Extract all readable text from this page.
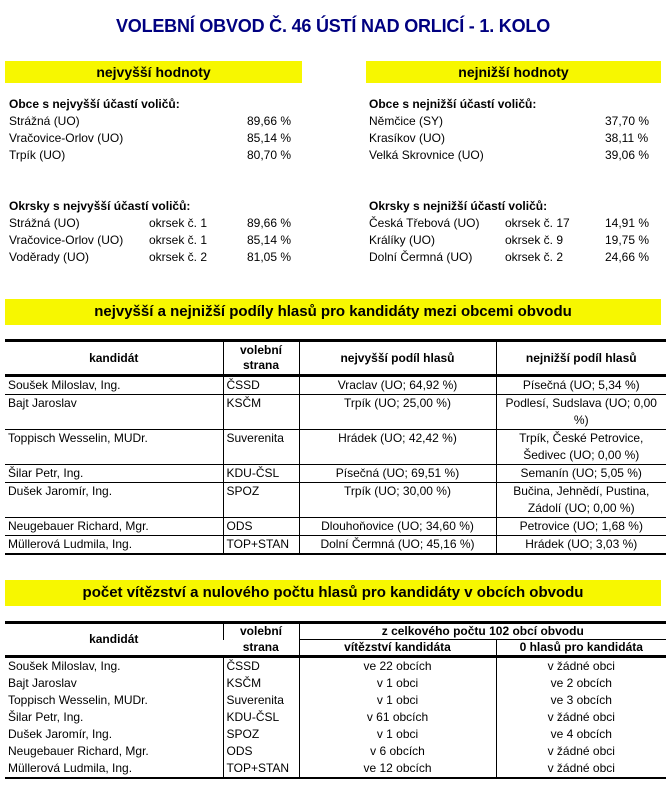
VOLEBNÍ OBVOD Č. 46 ÚSTÍ NAD ORLICÍ - 1. KOLO
nejvyšší hodnoty	nejnižší hodnoty
Obce s nejvyšší účastí voličů:
Strážná (UO)	89,66 %
Vračovice-Orlov (UO)	85,14 %
Trpík (UO)	80,70 %
Okrsky s nejvyšší účastí voličů:
Strážná (UO)	okrsek č. 1	89,66 %
Vračovice-Orlov (UO) okrsek č. 1	85,14 %
Voděrady (UO)	okrsek č. 2	81,05 %
Obce s nejnižší účastí voličů:
Němčice (SY)	37,70 %
Krasíkov (UO)	38,11 %
Velká Skrovnice (UO)	39,06 %
Okrsky s nejnižší účastí voličů:
Česká Třebová (UO) okrsek č. 17	14,91 %
Králíky (UO)	okrsek č. 9	19,75 %
Dolní Čermná (UO)	okrsek č. 2	24,66 %
nejvyšší a nejnižší podíly hlasů pro kandidáty mezi obcemi obvodu
kandidát	volební strana	nejvyšší podíl hlasů	nejnižší podíl hlasů
Soušek Miloslav, Ing.	ČSSD	Vraclav (UO; 64,92 %)	Písečná (UO; 5,34 %)
Bajt Jaroslav	KSČM	Trpík (UO; 25,00 %)	Podlesí, Sudslava (UO; 0,00 %)
Toppisch Wesselin, MUDr.	Suverenita	Hrádek (UO; 42,42 %)	Trpík, České Petrovice, Šedivec (UO; 0,00 %)
Šilar Petr, Ing.	KDU-ČSL	Písečná (UO; 69,51 %)	Semanín (UO; 5,05 %)
Dušek Jaromír, Ing.	SPOZ	Trpík (UO; 30,00 %)	Bučina, Jehnědí, Pustina, Zádolí (UO; 0,00 %)
Neugebauer Richard, Mgr.	ODS	Dlouhoňovice (UO; 34,60 %)	Petrovice (UO; 1,68 %)
Müllerová Ludmila, Ing.	TOP+STAN	Dolní Čermná (UO; 45,16 %)	Hrádek (UO; 3,03 %)
počet vítězství a nulového počtu hlasů pro kandidáty v obcích obvodu
kandidát	volební	z celkového počtu 102 obcí obvodu	
	strana	vítězství kandidáta	0 hlasů pro kandidáta
Soušek Miloslav, Ing.	ČSSD	ve 22 obcích	v žádné obci
Bajt Jaroslav	KSČM	v 1 obci	ve 2 obcích
Toppisch Wesselin, MUDr.	Suverenita	v 1 obci	ve 3 obcích
Šilar Petr, Ing.	KDU-ČSL	v 61 obcích	v žádné obci
Dušek Jaromír, Ing.	SPOZ	v 1 obci	ve 4 obcích
Neugebauer Richard, Mgr.	ODS	v 6 obcích	v žádné obci
Müllerová Ludmila, Ing.	TOP+STAN	ve 12 obcích	v žádné obci
